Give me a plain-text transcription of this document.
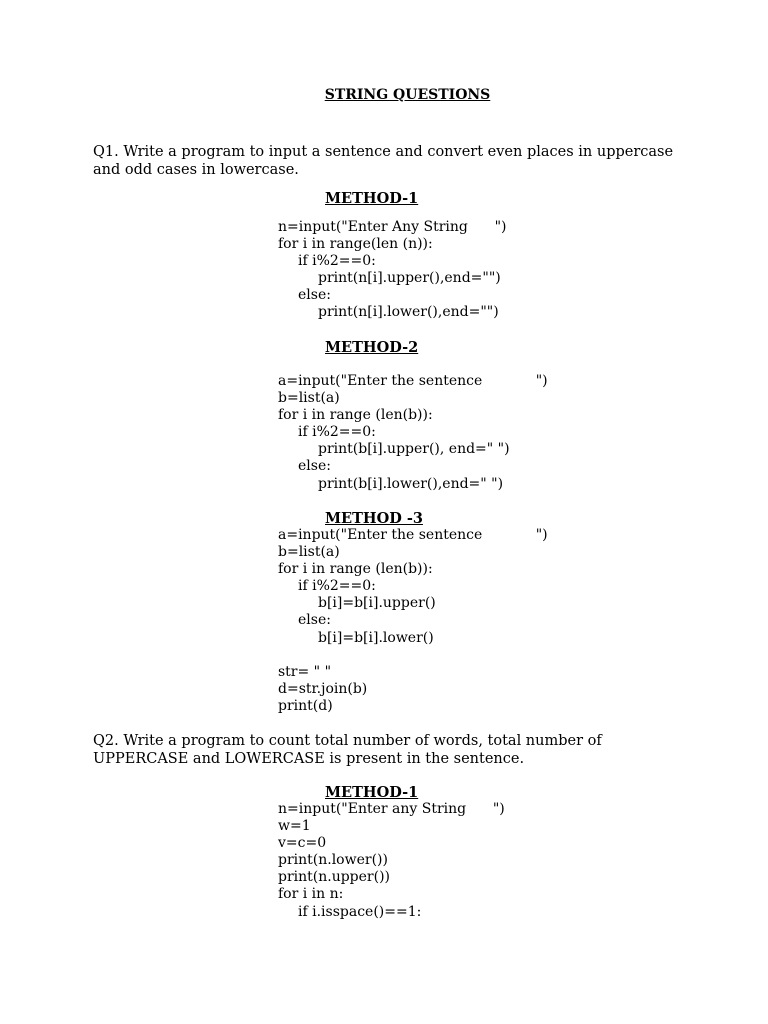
STRING QUESTIONS
Q1. Write a program to input a sentence and convert even places in uppercase and odd cases in lowercase.
METHOD-1
n=input("Enter Any String      ")
for i in range(len (n)):
if i%2==0:
print(n[i].upper(),end="")
else:
print(n[i].lower(),end="")
METHOD-2
a=input("Enter the sentence            ")
b=list(a)
for i in range (len(b)):
if i%2==0:
print(b[i].upper(), end=" ")
else:
print(b[i].lower(),end=" ")
METHOD -3
a=input("Enter the sentence            ")
b=list(a)
for i in range (len(b)):
if i%2==0:
b[i]=b[i].upper()
else:
b[i]=b[i].lower()
str= " "
d=str.join(b)
print(d)
Q2. Write a program to count total number of words, total number of UPPERCASE and LOWERCASE is present in the sentence.
METHOD-1
n=input("Enter any String      ")
w=1
v=c=0
print(n.lower())
print(n.upper())
for i in n:
if i.isspace()==1:
